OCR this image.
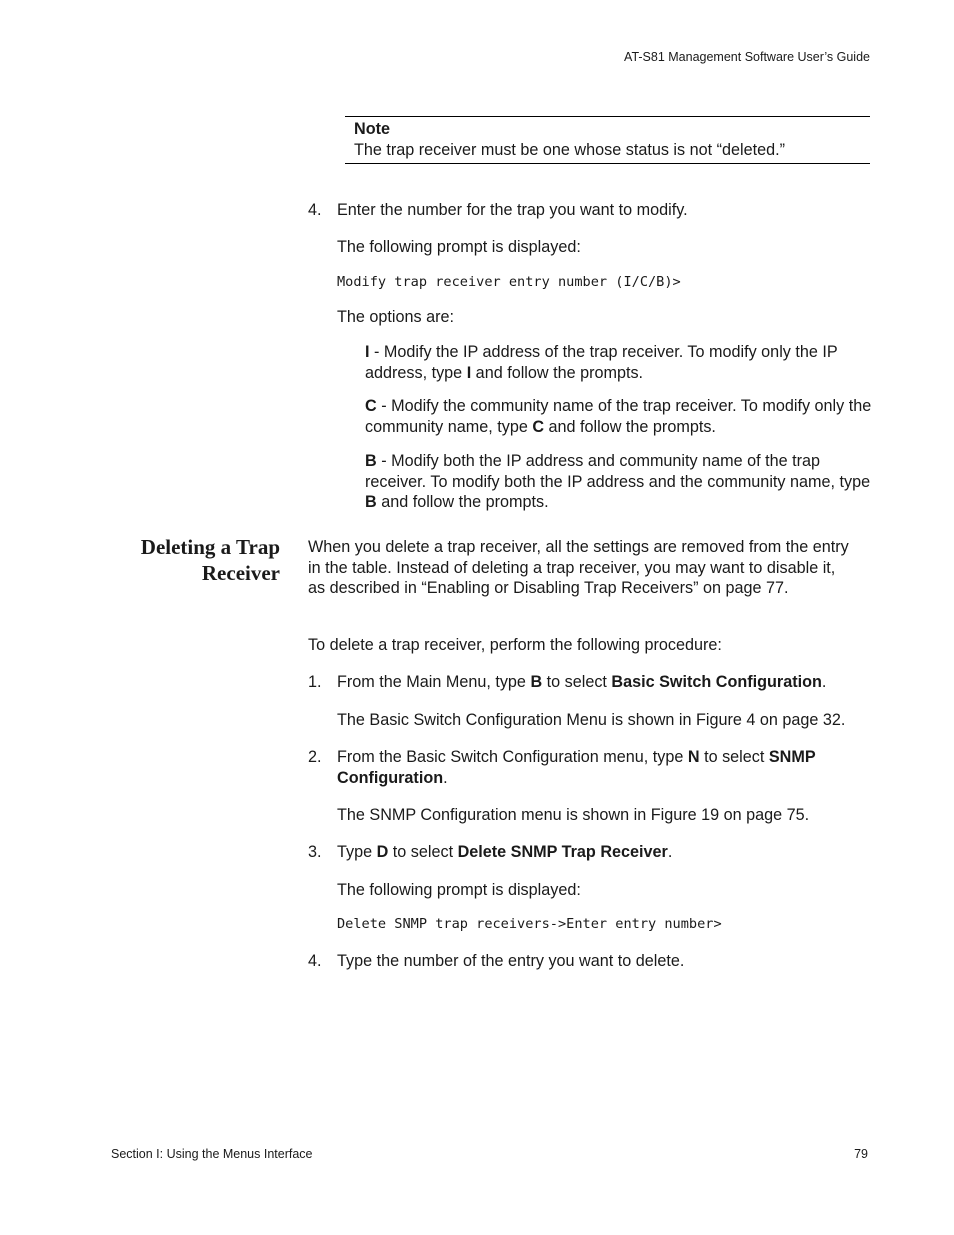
AT-S81 Management Software User’s Guide
Note
The trap receiver must be one whose status is not “deleted.”
4. Enter the number for the trap you want to modify.
The following prompt is displayed:
Modify trap receiver entry number (I/C/B)>
The options are:
I - Modify the IP address of the trap receiver. To modify only the IP address, type I and follow the prompts.
C - Modify the community name of the trap receiver. To modify only the community name, type C and follow the prompts.
B - Modify both the IP address and community name of the trap receiver. To modify both the IP address and the community name, type B and follow the prompts.
Deleting a Trap
Receiver
When you delete a trap receiver, all the settings are removed from the entry in the table. Instead of deleting a trap receiver, you may want to disable it, as described in “Enabling or Disabling Trap Receivers” on page 77.
To delete a trap receiver, perform the following procedure:
1. From the Main Menu, type B to select Basic Switch Configuration.
The Basic Switch Configuration Menu is shown in Figure 4 on page 32.
2. From the Basic Switch Configuration menu, type N to select SNMP Configuration.
The SNMP Configuration menu is shown in Figure 19 on page 75.
3. Type D to select Delete SNMP Trap Receiver.
The following prompt is displayed:
Delete SNMP trap receivers->Enter entry number>
4. Type the number of the entry you want to delete.
Section I: Using the Menus Interface	79
